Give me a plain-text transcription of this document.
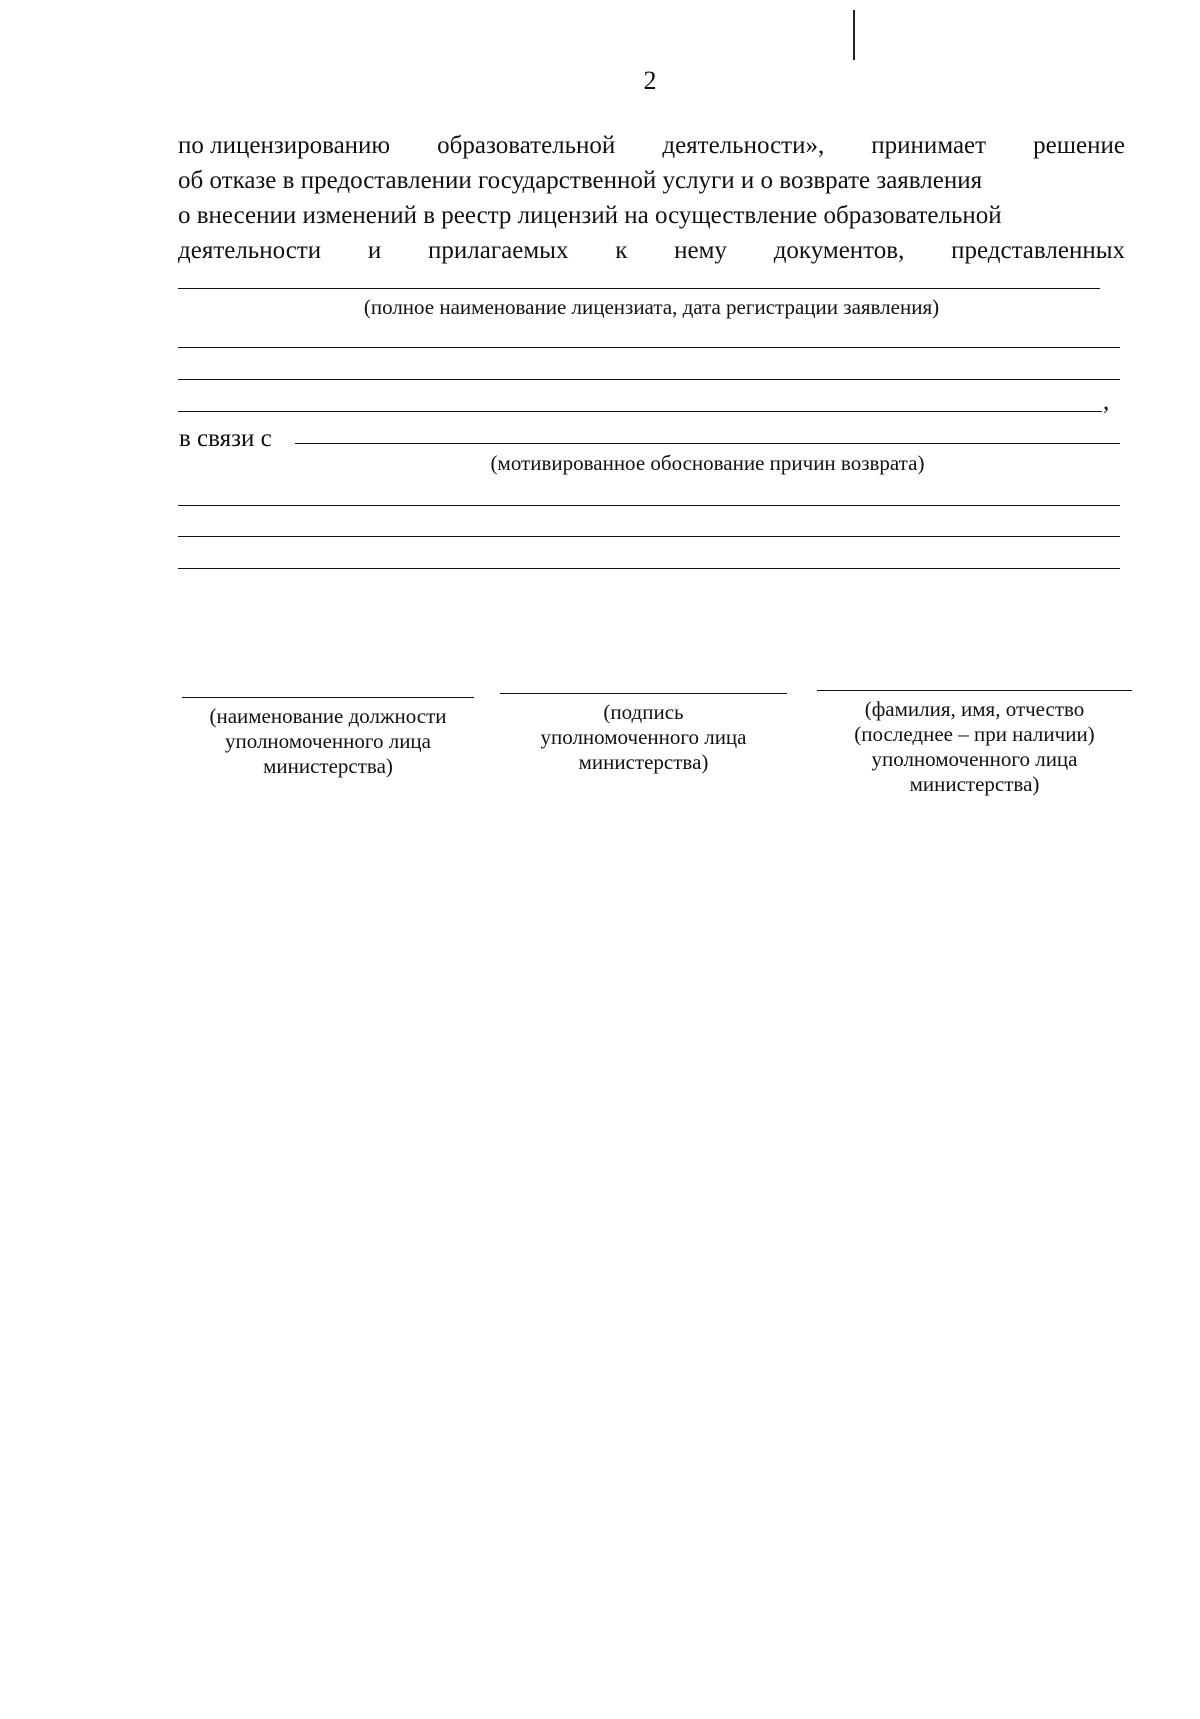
2
по лицензированию образовательной деятельности», принимает решение
об отказе в предоставлении государственной услуги и о возврате заявления
о внесении изменений в реестр лицензий на осуществление образовательной
деятельности и прилагаемых к нему документов, представленных
(полное наименование лицензиата, дата регистрации заявления)
,
в связи с
(мотивированное обоснование причин возврата)
(наименование должности
уполномоченного лица
министерства)
(подпись
уполномоченного лица
министерства)
(фамилия, имя, отчество
(последнее – при наличии)
уполномоченного лица
министерства)
